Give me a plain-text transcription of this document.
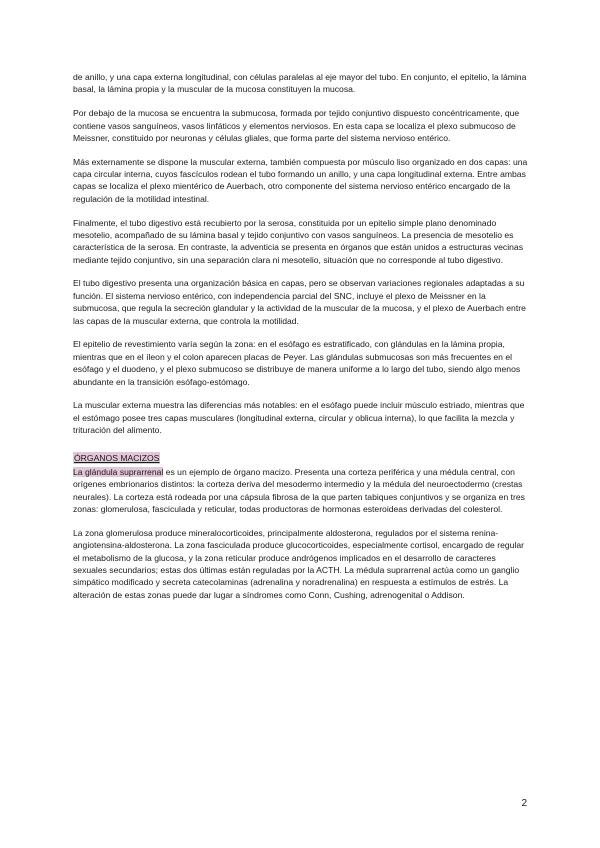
de anillo, y una capa externa longitudinal, con células paralelas al eje mayor del tubo. En conjunto, el epitelio, la lámina basal, la lámina propia y la muscular de la mucosa constituyen la mucosa.

Por debajo de la mucosa se encuentra la submucosa, formada por tejido conjuntivo dispuesto concéntricamente, que contiene vasos sanguíneos, vasos linfáticos y elementos nerviosos. En esta capa se localiza el plexo submucoso de Meissner, constituido por neuronas y células gliales, que forma parte del sistema nervioso entérico.

Más externamente se dispone la muscular externa, también compuesta por músculo liso organizado en dos capas: una capa circular interna, cuyos fascículos rodean el tubo formando un anillo, y una capa longitudinal externa. Entre ambas capas se localiza el plexo mientérico de Auerbach, otro componente del sistema nervioso entérico encargado de la regulación de la motilidad intestinal.

Finalmente, el tubo digestivo está recubierto por la serosa, constituida por un epitelio simple plano denominado mesotelio, acompañado de su lámina basal y tejido conjuntivo con vasos sanguíneos. La presencia de mesotelio es característica de la serosa. En contraste, la adventicia se presenta en órganos que están unidos a estructuras vecinas mediante tejido conjuntivo, sin una separación clara ni mesotelio, situación que no corresponde al tubo digestivo.

El tubo digestivo presenta una organización básica en capas, pero se observan variaciones regionales adaptadas a su función. El sistema nervioso entérico, con independencia parcial del SNC, incluye el plexo de Meissner en la submucosa, que regula la secreción glandular y la actividad de la muscular de la mucosa, y el plexo de Auerbach entre las capas de la muscular externa, que controla la motilidad.

El epitelio de revestimiento varía según la zona: en el esófago es estratificado, con glándulas en la lámina propia, mientras que en el íleon y el colon aparecen placas de Peyer. Las glándulas submucosas son más frecuentes en el esófago y el duodeno, y el plexo submucoso se distribuye de manera uniforme a lo largo del tubo, siendo algo menos abundante en la transición esófago-estómago.

La muscular externa muestra las diferencias más notables: en el esófago puede incluir músculo estriado, mientras que el estómago posee tres capas musculares (longitudinal externa, circular y oblicua interna), lo que facilita la mezcla y trituración del alimento.

ÓRGANOS MACIZOS

La glándula suprarrenal es un ejemplo de órgano macizo. Presenta una corteza periférica y una médula central, con orígenes embrionarios distintos: la corteza deriva del mesodermo intermedio y la médula del neuroectodermo (crestas neurales). La corteza está rodeada por una cápsula fibrosa de la que parten tabiques conjuntivos y se organiza en tres zonas: glomerulosa, fasciculada y reticular, todas productoras de hormonas esteroideas derivadas del colesterol.

La zona glomerulosa produce mineralocorticoides, principalmente aldosterona, regulados por el sistema renina-angiotensina-aldosterona. La zona fasciculada produce glucocorticoides, especialmente cortisol, encargado de regular el metabolismo de la glucosa, y la zona reticular produce andrógenos implicados en el desarrollo de caracteres sexuales secundarios; estas dos últimas están reguladas por la ACTH. La médula suprarrenal actúa como un ganglio simpático modificado y secreta catecolaminas (adrenalina y noradrenalina) en respuesta a estímulos de estrés. La alteración de estas zonas puede dar lugar a síndromes como Conn, Cushing, adrenogenital o Addison.

2
